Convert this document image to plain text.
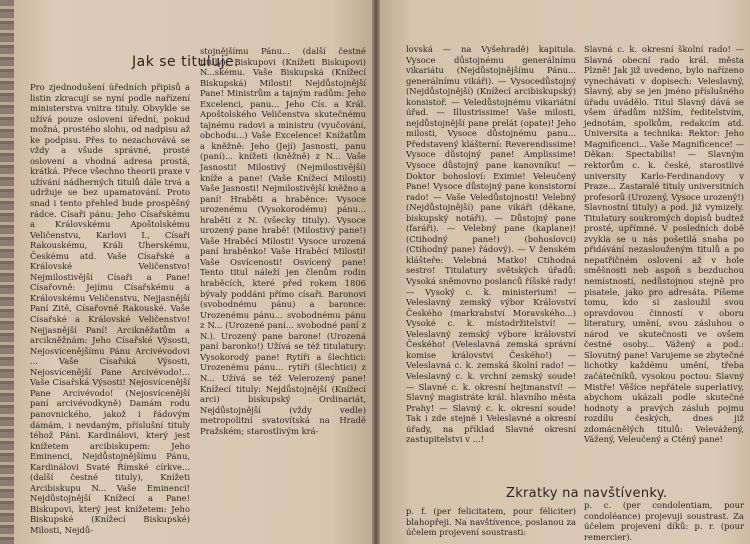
Jak se tituluje.

Pro zjednodušení úředních připisů a listin zkracují se nyní podle nařízení ministerstva vnitra tituly. Obvykle se užívá pouze oslovení úřední, pokud možná, prostého slohu, od nadpisu až ke podpisu. Přes to nezachovává se vždy a všude správné, prosté oslovení a vhodná adresa prostá, krátká. Přece všechno theorii praxe v užívání nádherných titulů dále trvá a udržuje se bez upamatování. Proto snad i tento přehled bude prospěšný rádce. Císaři pánu: Jeho Císařskému a Královskému Apoštolskému Veličenstvu, Karlovi I., Císaři Rakouskému, Králi Uherskému, Českému atd. Vaše Císařské a Královské Veličenstvo! Nejmilostivější Císaři a Pane! Císařovně: Jejímu Císařskému a Královskému Veličenstvu, Nejjasnější Paní Zitě, Císařovně Rakouské. Vaše Císařské a Královské Veličenstvo! Nejjasnější Paní! Arcikněžatům a arcikněžnám: Jeho Císařské Výsosti, Nejosvícenějšímu Pánu Arcivévodovi ... Vaše Císařská Výsosti, Nejosvícenější Pane Arcivévodo!... Vaše Císařská Výsosti! Nejosvícenější Pane Arcivévodo! (Nejosvícenější paní arcivévodkyně) Damám rodu panovnického, jakož i řádovým dámám, i nevdaným, příslušní tituly téhož Páni. Kardinálovi, který jest knížetem arcibiskupem: Jeho Eminenci, Nejdůstojnějšímu Pánu, Kardinálovi Svaté Římské církve... (další čestné tituly), Knížeti Arcibiskupu N... Vaše Eminenci! Nejdůstojnější Knížecí a Pane! Biskupovi, který jest knížetem: Jeho Biskupské (Knížecí Biskupské) Milosti, Nejdů-

stojnějšímu Pánu... (další čestné tituly), Biskupovi (Knížeti Biskupovi) N...skému. Vaše Biskupská (Knížecí Biskupská) Milosti! Nejdůstojnější Pane! Ministrům a tajným radům: Jeho Excelenci, panu... Jeho Cís. a Král. Apoštolského Veličenstva skutečnému tajnému radovi a ministru (vyučování, obchodu...) Vaše Excelence! Knížatům a kněžně: Jeho (Její) Jasnosti, panu (paní)... knížeti (kněžně) z N... Vaše Jasnosti! Milostivý (Nejmilostivější) kníže a pane! (Vaše Knížecí Milosti) Vaše Jasnosti! Nejmilostivější kněžno a paní! Hraběti a hraběnce: Vysoce urozenému (Vysokorodému) pánu... hraběti z N. (všecky tituly). Vysoce urozený pane hrabě! (Milostivý pane!) Vaše Hraběcí Milosti! Vysoce urozená paní hraběnko! Vaše Hraběcí Milosti! Vaše Osvícenosti! Osvícený pane! Tento titul náleží jen členům rodin hraběcích, které před rokem 1806 bývaly poddáni přímo císaři. Baronovi (svobodnému pánu) a baronce: Urozenému pánu... svobodnému pánu z N... (Urozené paní... svobodné paní z N.). Urozený pane barone! (Urozená paní baronko!) Užívá se též titulatury: Vysokorodý pane! Rytíři a šlechtici: Urozenému pánu... rytíři (šlechtici) z N... Užívá se též Velerozený pane! Knížecí tituly: Nejdůstojnější (Knížecí arci) biskupský Ordinariát, Nejdůstojnější (vždy vedle) metropolitní svatovítská na Hradě Pražském; starostlivým krá-

lovská — na Vyšehradě) kapitula. Vysoce důstojnému generálnímu vikariátu (Nejdůstojnějšímu Pánu... generálnímu vikáři). — Vysocedůstojný (Nejdůstojnější) (Knížecí arcibiskupský) konsistoř. — Veledůstojnému vikariátní úřad. — Illustrissime! Vaše milosti, nejdůstojnější pane prelát (opate)! Jeho milosti, Vysoce důstojnému panu... Představený klášterní: Reverendissime! Vysoce důstojný pane! Amplissime! Vysoce důstojný pane kanovníku! — Doktor bohosloví: Eximie! Veleučený Pane! Vysoce důstojný pane konsistorní rado! — Vaše Veledůstojnosti! Velebný (Nejdůstojnější) pane vikáři (děkane, biskupský notáři). — Důstojný pane (faráři). — Velebný pane (kaplane)! (Ctihodný pane!) (bohoslovci) (Ctihodný pane) řádový). — V ženském klášteře: Velebná Matko! Ctihodná sestro! Titulatury světských úřadů: Vysoká sněmovno poslanců říšské rady! — Vysoký c. k. ministerium! — Veleslavný zemský výbor Království Českého (markrabství Moravského...) Vysoké c. k. místodržitelství! — Veleslavný zemský výbore království Českého! (Veleslavná zemská správní komise království Českého!) — Veleslavná c. k. zemská školní rado! — Veleslavný c. k. vrchní zemský soude! — Slavné c. k. okresní hejtmanství! — Slavný magistráte král. hlavního města Prahy! — Slavný c. k. okresní soude! Tak i zde stejně i Veleslavné a okresní úřady, na příklad Slavné okresní zastupitelstvi v ...!

Slavná c. k. okresní školní rado! — Slavná obecní rado král. města Plzně! Jak již uvedeno, bylo nařízeno vynechávati v dopisech: Veleslavný, Slavný, aby se jen jméno příslušného úřadu uvádělo. Titul Slavný dává se všem úřadům nižším, ředitelstvím, jednotám, spolkům, redakcím atd. Universita a technika: Rektor: Jeho Magnificenci... Vaše Magnificence! — Děkan: Spectabilis! — Slavným rektorům c. k. české, starostlivé university Karlo-Ferdinandovy v Praze... Zastaralé tituly universitních profesorů (Urozený, Vysoce urozený!) Slavnostní tituly) a pod. již vymizely. Titulatury soukromých dopisů budtež prosté, upřímné. V posledních době zvykla se u nás pošetilá snaha po přidávání nezaslouženým titulů a po nepatřičném oslovení až v hole směšnosti neb aspoň s bezduchou nemístností, nedůstojnou stejně pro pisatele, jako pro adresáta. Píšeme tomu, kdo si zasloužil svou opravdovou činností v oboru literatury, umění, svou zásluhou o národ ve skutečnosti ve ovšem čestné osoby... Vážený a pod.: Slovutný pane! Varujeme se zbytečné lichotky každému umění, třeba začátečníků, vysokou poctou: Slavný Mistře! Věšíce nepřátele superlativy, abychom ukázali podle skutečné hodnoty a pravých zásluh pojmu rozdílu českých, dnes již zdomácnělých titulů: Velevážený, Vážený, Veleučený a Ctěný pane!

Zkratky na navštívenky.

p. f. (per felicitatem, pour féliciter) blahopřeji. Na navštívence, poslanou za účelem projevení soustrasti:

p. c. (per condolentiam, pour condoléance) projevuji soustrast. Za účelem projevení díků: p. r. (pour remercier).
